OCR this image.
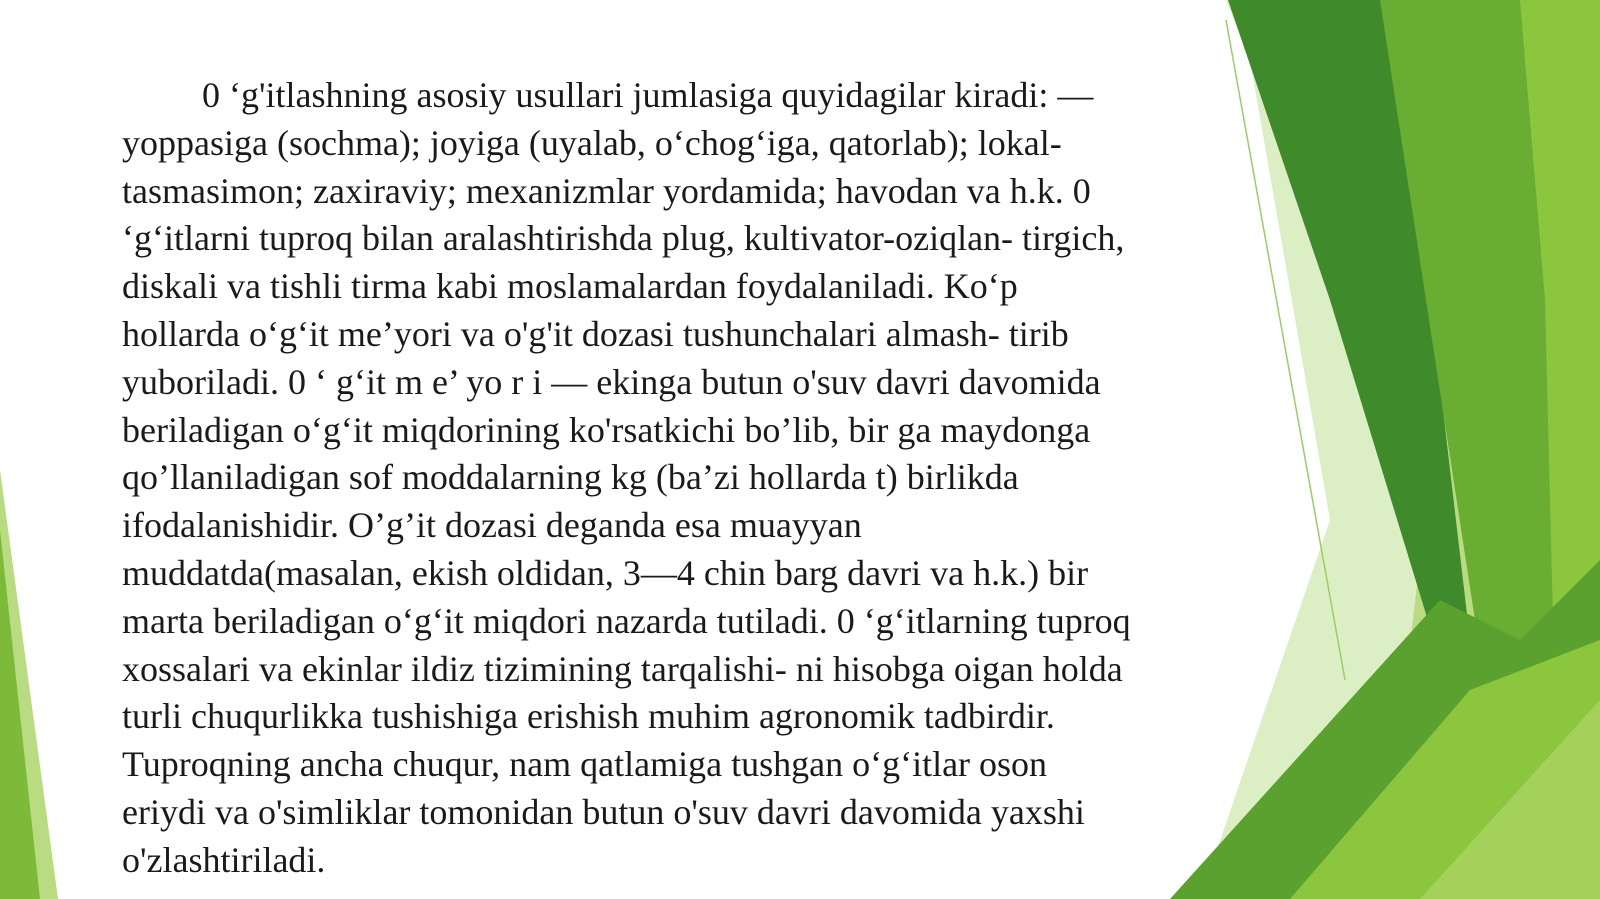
0 ‘g'itlashning asosiy usullari jumlasiga quyidagilar kiradi: —
yoppasiga (sochma); joyiga (uyalab, o‘chog‘iga, qatorlab); lokal-
tasmasimon; zaxiraviy; mexanizmlar yordamida; havodan va h.k. 0
‘g‘itlarni tuproq bilan aralashtirishda plug, kultivator-oziqlan- tirgich,
diskali va tishli tirma kabi moslamalardan foydalaniladi. Ko‘p
hollarda o‘g‘it me’yori va o'g'it dozasi tushunchalari almash- tirib
yuboriladi. 0 ‘ g‘it m e’ yo r i — ekinga butun o'suv davri davomida
beriladigan o‘g‘it miqdorining ko'rsatkichi bo’lib, bir ga maydonga
qo’llaniladigan sof moddalarning kg (ba’zi hollarda t) birlikda
ifodalanishidir. O’g’it dozasi deganda esa muayyan
muddatda(masalan, ekish oldidan, 3—4 chin barg davri va h.k.) bir
marta beriladigan o‘g‘it miqdori nazarda tutiladi. 0 ‘g‘itlarning tuproq
xossalari va ekinlar ildiz tizimining tarqalishi- ni hisobga oigan holda
turli chuqurlikka tushishiga erishish muhim agronomik tadbirdir.
Tuproqning ancha chuqur, nam qatlamiga tushgan o‘g‘itlar oson
eriydi va o'simliklar tomonidan butun o'suv davri davomida yaxshi
o'zlashtiriladi.
